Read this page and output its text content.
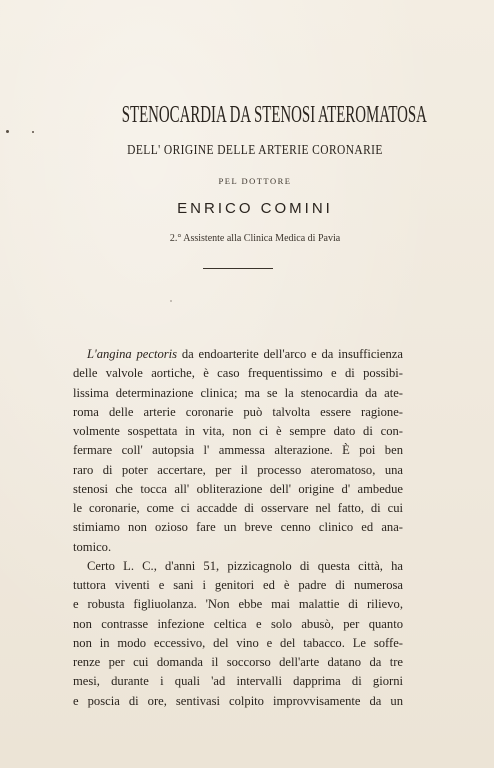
STENOCARDIA DA STENOSI ATEROMATOSA
DELL' ORIGINE DELLE ARTERIE CORONARIE
PEL DOTTORE
ENRICO COMINI
2.° Assistente alla Clinica Medica di Pavia
L'angina pectoris da endoarterite dell'arco e da insufficienza
delle valvole aortiche, è caso frequentissimo e di possibi-
lissima determinazione clinica; ma se la stenocardia da ate-
roma delle arterie coronarie può talvolta essere ragione-
volmente sospettata in vita, non ci è sempre dato di con-
fermare coll' autopsia l' ammessa alterazione. È poi ben
raro di poter accertare, per il processo ateromatoso, una
stenosi che tocca all' obliterazione dell' origine d' ambedue
le coronarie, come ci accadde di osservare nel fatto, di cui
stimiamo non ozioso fare un breve cenno clinico ed ana-
tomico.
Certo L. C., d'anni 51, pizzicagnolo di questa città, ha
tuttora viventi e sani i genitori ed è padre di numerosa
e robusta figliuolanza. 'Non ebbe mai malattie di rilievo,
non contrasse infezione celtica e solo abusò, per quanto
non in modo eccessivo, del vino e del tabacco. Le soffe-
renze per cui domanda il soccorso dell'arte datano da tre
mesi, durante i quali 'ad intervalli dapprima di giorni
e poscia di ore, sentivasi colpito improvvisamente da un
